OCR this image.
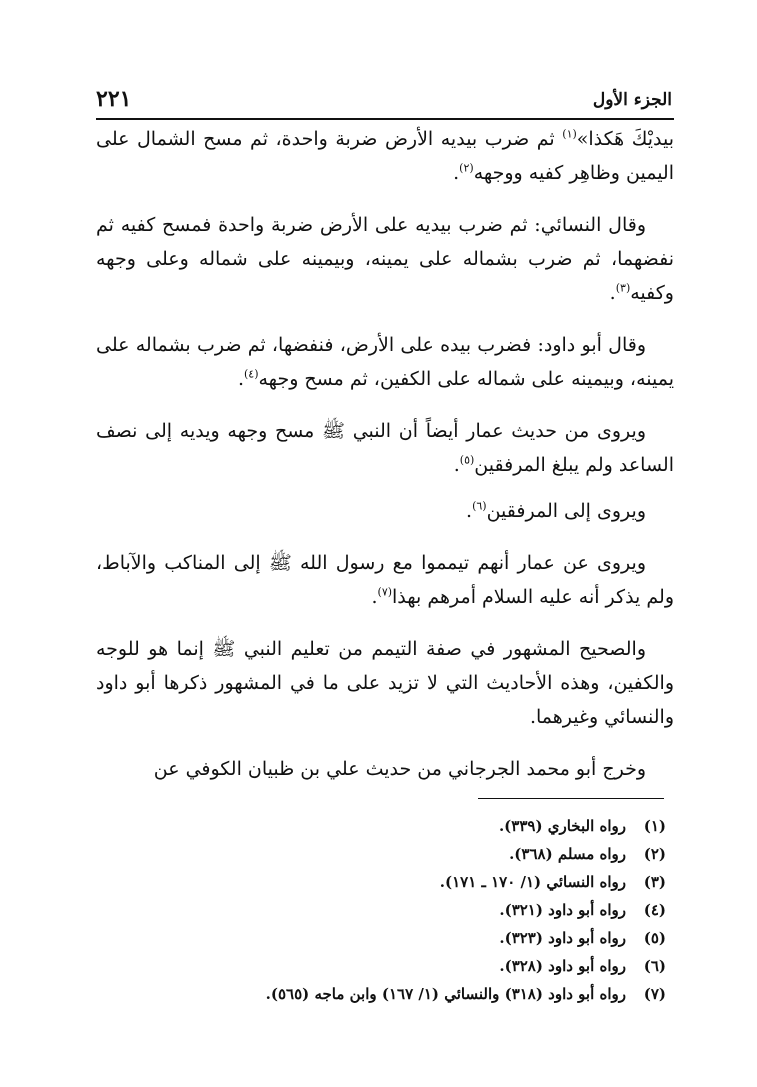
الجزء الأول
٢٢١

بيديْكَ هَكذا»$^{(١)}$ ثم ضرب بيديه الأرض ضربة واحدة، ثم مسح الشمال على اليمين وظاهِر كفيه ووجهه$^{(٢)}$.

وقال النسائي: ثم ضرب بيديه على الأرض ضربة واحدة فمسح كفيه ثم نفضهما، ثم ضرب بشماله على يمينه، وبيمينه على شماله وعلى وجهه وكفيه$^{(٣)}$.

وقال أبو داود: فضرب بيده على الأرض، فنفضها، ثم ضرب بشماله على يمينه، وبيمينه على شماله على الكفين، ثم مسح وجهه$^{(٤)}$.

ويروى من حديث عمار أيضاً أن النبي ﷺ مسح وجهه ويديه إلى نصف الساعد ولم يبلغ المرفقين$^{(٥)}$.

ويروى إلى المرفقين$^{(٦)}$.

ويروى عن عمار أنهم تيمموا مع رسول الله ﷺ إلى المناكب والآباط، ولم يذكر أنه عليه السلام أمرهم بهذا$^{(٧)}$.

والصحيح المشهور في صفة التيمم من تعليم النبي ﷺ إنما هو للوجه والكفين، وهذه الأحاديث التي لا تزيد على ما في المشهور ذكرها أبو داود والنسائي وغيرهما.

وخرج أبو محمد الجرجاني من حديث علي بن ظبيان الكوفي عن

(١)رواه البخاري (٣٣٩).
(٢)رواه مسلم (٣٦٨).
(٣)رواه النسائي (١/ ١٧٠ ـ ١٧١).
(٤)رواه أبو داود (٣٢١).
(٥)رواه أبو داود (٣٢٣).
(٦)رواه أبو داود (٣٢٨).
(٧)رواه أبو داود (٣١٨) والنسائي (١/ ١٦٧) وابن ماجه (٥٦٥).
